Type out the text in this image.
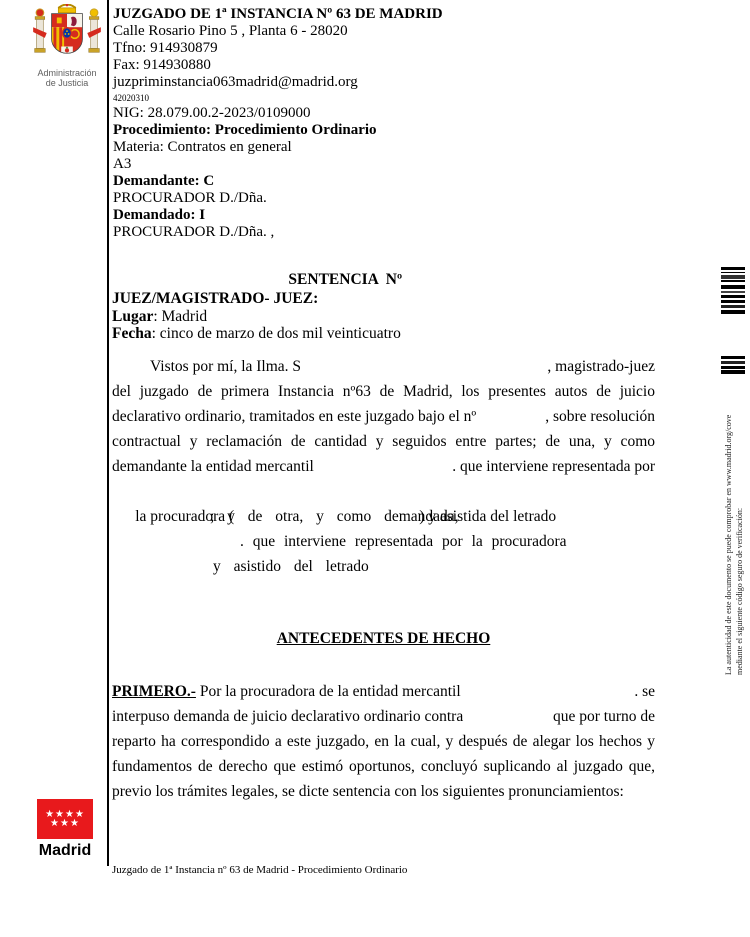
Administración
de Justicia
JUZGADO DE 1ª INSTANCIA Nº 63 DE MADRID
Calle Rosario Pino 5 , Planta 6 - 28020
Tfno: 914930879
Fax: 914930880
juzpriminstancia063madrid@madrid.org
42020310
NIG: 28.079.00.2-2023/0109000
Procedimiento: Procedimiento Ordinario
Materia: Contratos en general
A3
Demandante: C
PROCURADOR D./Dña.
Demandado: I
PROCURADOR D./Dña. ,

SENTENCIA  Nº

JUEZ/MAGISTRADO- JUEZ:
Lugar: Madrid
Fecha: cinco de marzo de dos mil veinticuatro
Vistos por mí, la Ilma. S	, magistrado-juez
del juzgado de primera Instancia nº63 de Madrid, los presentes autos de juicio
declarativo ordinario, tramitados en este juzgado bajo el nº	, sobre resolución
contractual y reclamación de cantidad y seguidos entre partes; de una, y como
demandante la entidad mercantil	. que interviene representada por

la procuradora (	) y asistida del letrado

; y de otra, y como demandada,
. que interviene representada por la procuradora
y asistido del letrado
ANTECEDENTES DE HECHO
PRIMERO.- Por la procuradora de la entidad mercantil	. se
interpuso demanda de juicio declarativo ordinario contra	que por turno de
reparto ha correspondido a este juzgado, en la cual, y después de alegar los hechos y
fundamentos de derecho que estimó oportunos, concluyó suplicando al juzgado que,
previo los trámites legales, se dicte sentencia con los siguientes pronunciamientos:
★★★★
★★★
Madrid
Juzgado de 1ª Instancia nº 63 de Madrid - Procedimiento Ordinario
La autenticidad de este documento se puede comprobar en www.madrid.org/cove mediante el siguiente código seguro de verificación:
